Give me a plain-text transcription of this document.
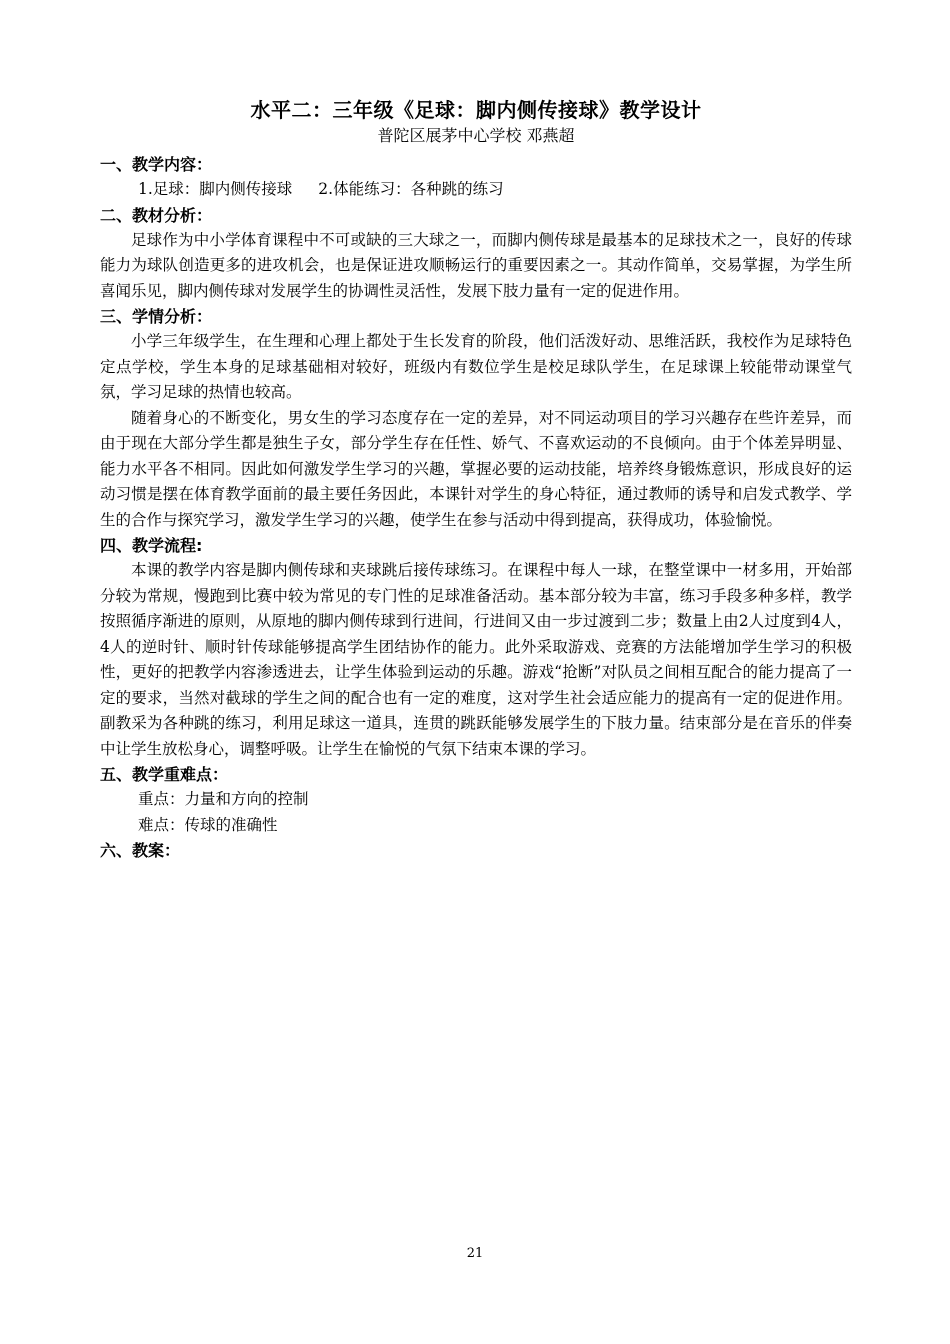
水平二：三年级《足球：脚内侧传接球》教学设计

普陀区展茅中心学校 邓燕超

一、教学内容：

1.足球：脚内侧传接球 2.体能练习：各种跳的练习

二、教材分析：

足球作为中小学体育课程中不可或缺的三大球之一，而脚内侧传球是最基本的足球技术之一，良好的传球能力为球队创造更多的进攻机会，也是保证进攻顺畅运行的重要因素之一。其动作简单，交易掌握，为学生所喜闻乐见，脚内侧传球对发展学生的协调性灵活性，发展下肢力量有一定的促进作用。

三、学情分析：

小学三年级学生，在生理和心理上都处于生长发育的阶段，他们活泼好动、思维活跃，我校作为足球特色定点学校，学生本身的足球基础相对较好，班级内有数位学生是校足球队学生，在足球课上较能带动课堂气氛，学习足球的热情也较高。

随着身心的不断变化，男女生的学习态度存在一定的差异，对不同运动项目的学习兴趣存在些许差异，而由于现在大部分学生都是独生子女，部分学生存在任性、娇气、不喜欢运动的不良倾向。由于个体差异明显、能力水平各不相同。因此如何激发学生学习的兴趣，掌握必要的运动技能，培养终身锻炼意识，形成良好的运动习惯是摆在体育教学面前的最主要任务因此，本课针对学生的身心特征，通过教师的诱导和启发式教学、学生的合作与探究学习，激发学生学习的兴趣，使学生在参与活动中得到提高，获得成功，体验愉悦。

四、教学流程:

本课的教学内容是脚内侧传球和夹球跳后接传球练习。在课程中每人一球，在整堂课中一材多用，开始部分较为常规，慢跑到比赛中较为常见的专门性的足球准备活动。基本部分较为丰富，练习手段多种多样，教学按照循序渐进的原则，从原地的脚内侧传球到行进间，行进间又由一步过渡到二步；数量上由2人过度到4人，4人的逆时针、顺时针传球能够提高学生团结协作的能力。此外采取游戏、竞赛的方法能增加学生学习的积极性，更好的把教学内容渗透进去，让学生体验到运动的乐趣。游戏“抢断”对队员之间相互配合的能力提高了一定的要求，当然对截球的学生之间的配合也有一定的难度，这对学生社会适应能力的提高有一定的促进作用。副教采为各种跳的练习，利用足球这一道具，连贯的跳跃能够发展学生的下肢力量。结束部分是在音乐的伴奏中让学生放松身心，调整呼吸。让学生在愉悦的气氛下结束本课的学习。

五、教学重难点：

重点：力量和方向的控制

难点：传球的准确性

六、教案：

21
